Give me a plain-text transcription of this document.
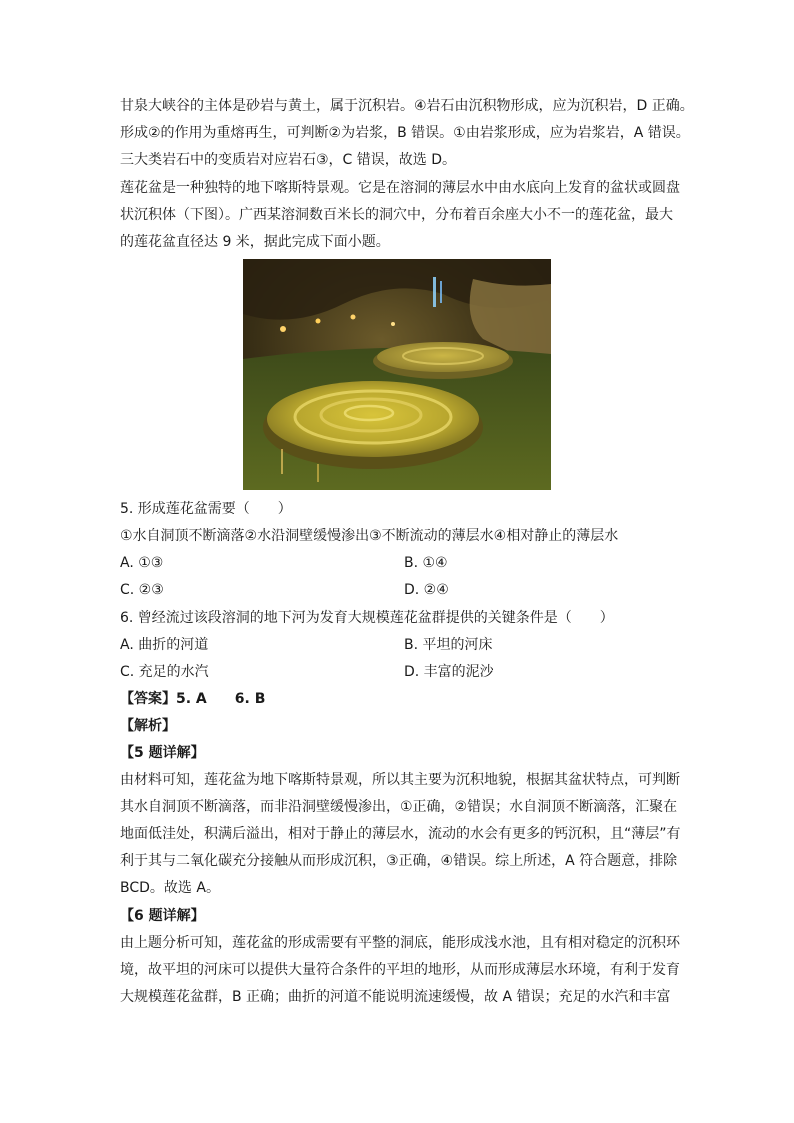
甘泉大峡谷的主体是砂岩与黄土，属于沉积岩。④岩石由沉积物形成，应为沉积岩，D 正确。
形成②的作用为重熔再生，可判断②为岩浆，B 错误。①由岩浆形成，应为岩浆岩，A 错误。
三大类岩石中的变质岩对应岩石③，C 错误，故选 D。
莲花盆是一种独特的地下喀斯特景观。它是在溶洞的薄层水中由水底向上发育的盆状或圆盘
状沉积体（下图）。广西某溶洞数百米长的洞穴中，分布着百余座大小不一的莲花盆，最大
的莲花盆直径达 9 米，据此完成下面小题。
5. 形成莲花盆需要（　　）
①水自洞顶不断滴落②水沿洞壁缓慢渗出③不断流动的薄层水④相对静止的薄层水
A. ①③	B. ①④
C. ②③	D. ②④
6. 曾经流过该段溶洞的地下河为发育大规模莲花盆群提供的关键条件是（　　）
A. 曲折的河道	B. 平坦的河床
C. 充足的水汽	D. 丰富的泥沙
【答案】5. A　　6. B
【解析】
【5 题详解】
由材料可知，莲花盆为地下喀斯特景观，所以其主要为沉积地貌，根据其盆状特点，可判断
其水自洞顶不断滴落，而非沿洞壁缓慢渗出，①正确，②错误；水自洞顶不断滴落，汇聚在
地面低洼处，积满后溢出，相对于静止的薄层水，流动的水会有更多的钙沉积，且“薄层”有
利于其与二氧化碳充分接触从而形成沉积，③正确，④错误。综上所述，A 符合题意，排除
BCD。故选 A。
【6 题详解】
由上题分析可知，莲花盆的形成需要有平整的洞底，能形成浅水池，且有相对稳定的沉积环
境，故平坦的河床可以提供大量符合条件的平坦的地形，从而形成薄层水环境，有利于发育
大规模莲花盆群，B 正确；曲折的河道不能说明流速缓慢，故 A 错误；充足的水汽和丰富
